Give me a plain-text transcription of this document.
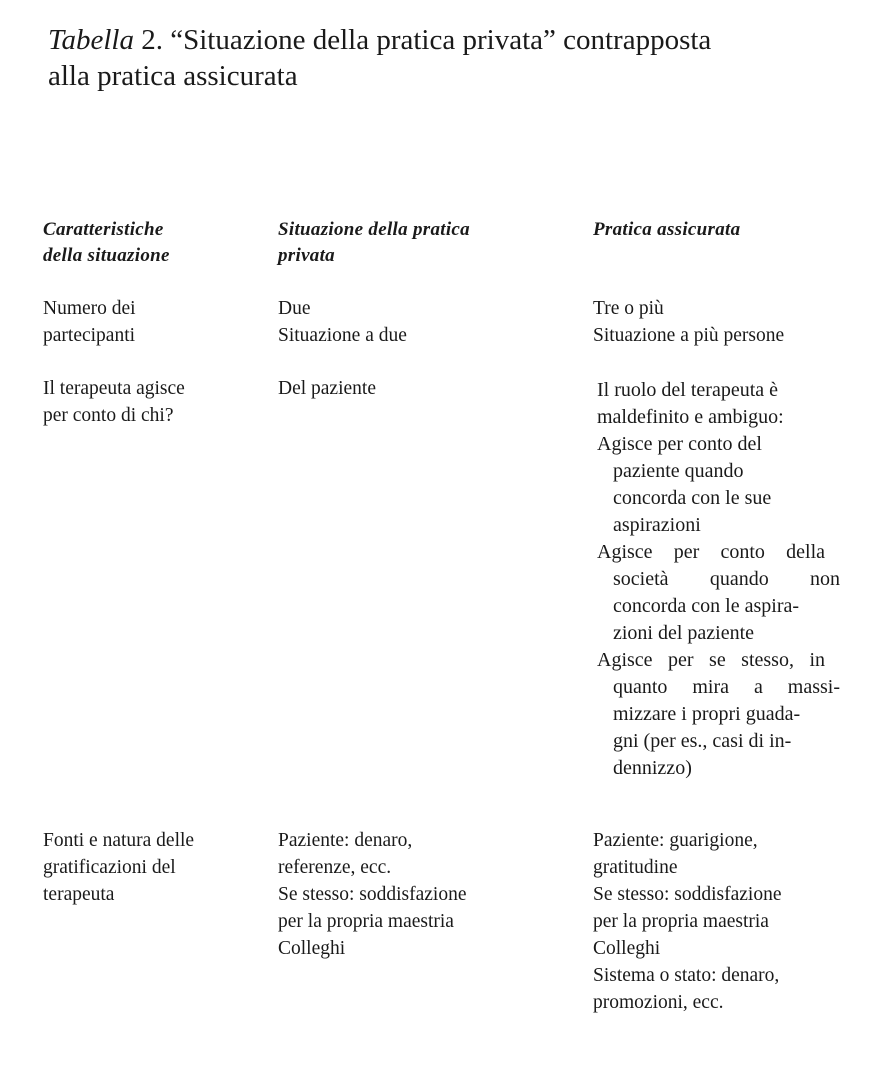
Tabella 2. “Situazione della pratica privata” contrapposta
alla pratica assicurata
Caratteristiche
della situazione
Situazione della pratica
privata
Pratica assicurata
Numero dei
partecipanti
Due
Situazione a due
Tre o più
Situazione a più persone
Il terapeuta agisce
per conto di chi?
Del paziente	Il ruolo del terapeuta è
maldefinito e ambiguo:
Agisce per conto del
paziente quando
concorda con le sue
aspirazioni
Agisce per conto della
società quando non
concorda con le aspira-
zioni del paziente
Agisce per se stesso, in
quanto mira a massi-
mizzare i propri guada-
gni (per es., casi di in-
dennizzo)
Fonti e natura delle
gratificazioni del
terapeuta
Paziente: denaro,
referenze, ecc.
Se stesso: soddisfazione
per la propria maestria
Colleghi
Paziente: guarigione,
gratitudine
Se stesso: soddisfazione
per la propria maestria
Colleghi
Sistema o stato: denaro,
promozioni, ecc.
